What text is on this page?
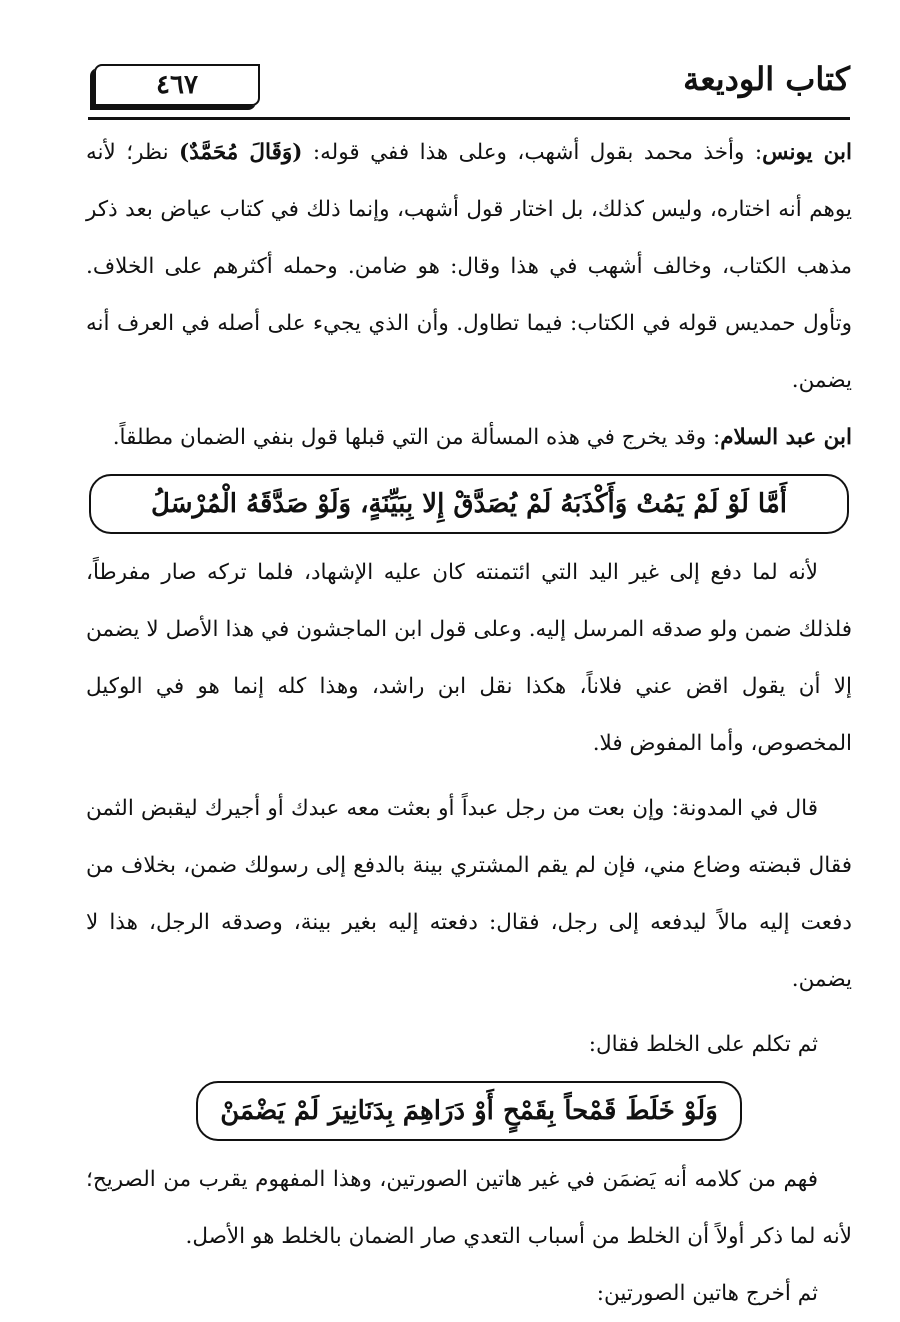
٤٦٧	كتاب الوديعة

ابن يونس: وأخذ محمد بقول أشهب، وعلى هذا ففي قوله: (وَقَالَ مُحَمَّدٌ) نظر؛ لأنه يوهم أنه اختاره، وليس كذلك، بل اختار قول أشهب، وإنما ذلك في كتاب عياض بعد ذكر مذهب الكتاب، وخالف أشهب في هذا وقال: هو ضامن. وحمله أكثرهم على الخلاف. وتأول حمديس قوله في الكتاب: فيما تطاول. وأن الذي يجيء على أصله في العرف أنه يضمن.

ابن عبد السلام: وقد يخرج في هذه المسألة من التي قبلها قول بنفي الضمان مطلقاً.

أَمَّا لَوْ لَمْ يَمُتْ وَأَكْذَبَهُ لَمْ يُصَدَّقْ إِلا بِبَيِّنَةٍ، وَلَوْ صَدَّقَهُ الْمُرْسَلُ

لأنه لما دفع إلى غير اليد التي ائتمنته كان عليه الإشهاد، فلما تركه صار مفرطاً، فلذلك ضمن ولو صدقه المرسل إليه. وعلى قول ابن الماجشون في هذا الأصل لا يضمن إلا أن يقول اقض عني فلاناً، هكذا نقل ابن راشد، وهذا كله إنما هو في الوكيل المخصوص، وأما المفوض فلا.

قال في المدونة: وإن بعت من رجل عبداً أو بعثت معه عبدك أو أجيرك ليقبض الثمن فقال قبضته وضاع مني، فإن لم يقم المشتري بينة بالدفع إلى رسولك ضمن، بخلاف من دفعت إليه مالاً ليدفعه إلى رجل، فقال: دفعته إليه بغير بينة، وصدقه الرجل، هذا لا يضمن.

ثم تكلم على الخلط فقال:

وَلَوْ خَلَطَ قَمْحاً بِقَمْحٍ أَوْ دَرَاهِمَ بِدَنَانِيرَ لَمْ يَضْمَنْ

فهم من كلامه أنه يَضمَن في غير هاتين الصورتين، وهذا المفهوم يقرب من الصريح؛ لأنه لما ذكر أولاً أن الخلط من أسباب التعدي صار الضمان بالخلط هو الأصل.

ثم أخرج هاتين الصورتين:
